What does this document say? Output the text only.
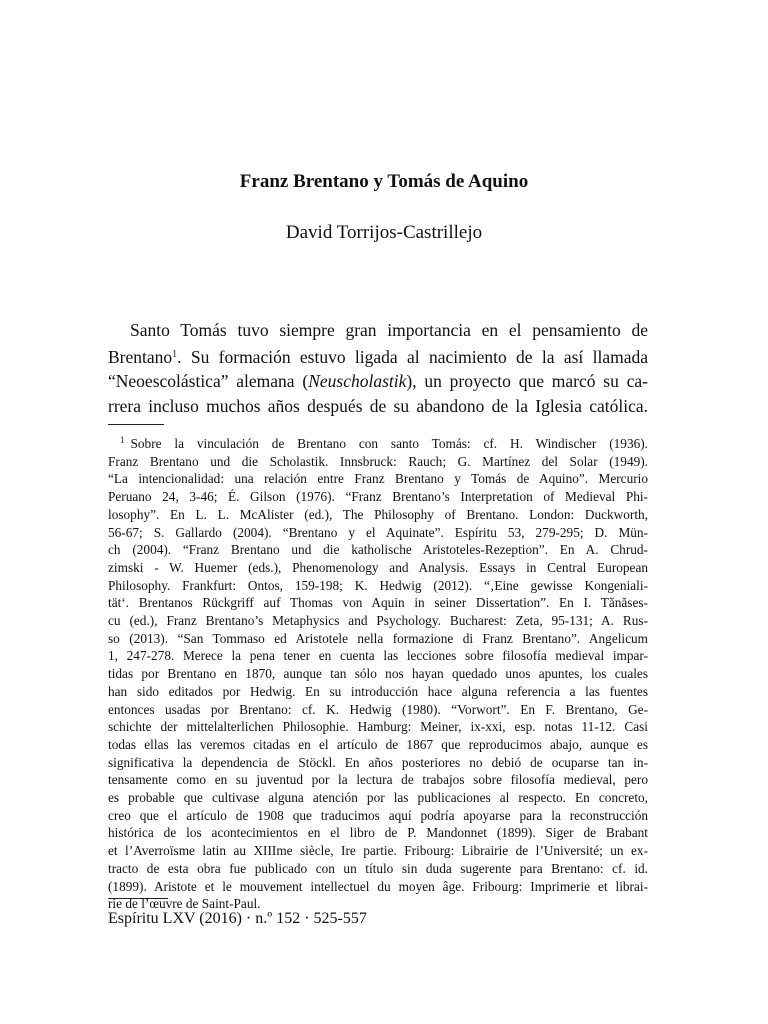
Franz Brentano y Tomás de Aquino
David Torrijos-Castrillejo
Santo Tomás tuvo siempre gran importancia en el pensamiento de
Brentano$^1$. Su formación estuvo ligada al nacimiento de la así llamada
“Neoescolástica” alemana (Neuscholastik), un proyecto que marcó su ca-
rrera incluso muchos años después de su abandono de la Iglesia católica.
$^1$ Sobre la vinculación de Brentano con santo Tomás: cf. H. Windischer (1936).
Franz Brentano und die Scholastik. Innsbruck: Rauch; G. Martínez del Solar (1949).
“La intencionalidad: una relación entre Franz Brentano y Tomás de Aquino”. Mercurio
Peruano 24, 3-46; É. Gilson (1976). “Franz Brentano’s Interpretation of Medieval Phi-
losophy”. En L. L. McAlister (ed.), The Philosophy of Brentano. London: Duckworth,
56-67; S. Gallardo (2004). “Brentano y el Aquinate”. Espíritu 53, 279-295; D. Mün-
ch (2004). “Franz Brentano und die katholische Aristoteles-Rezeption”. En A. Chrud-
zimski - W. Huemer (eds.), Phenomenology and Analysis. Essays in Central European
Philosophy. Frankfurt: Ontos, 159-198; K. Hedwig (2012). “‚Eine gewisse Kongeniali-
tät‘. Brentanos Rückgriff auf Thomas von Aquin in seiner Dissertation”. En I. Tănăses-
cu (ed.), Franz Brentano’s Metaphysics and Psychology. Bucharest: Zeta, 95-131; A. Rus-
so (2013). “San Tommaso ed Aristotele nella formazione di Franz Brentano”. Angelicum
1, 247-278. Merece la pena tener en cuenta las lecciones sobre filosofía medieval impar-
tidas por Brentano en 1870, aunque tan sólo nos hayan quedado unos apuntes, los cuales
han sido editados por Hedwig. En su introducción hace alguna referencia a las fuentes
entonces usadas por Brentano: cf. K. Hedwig (1980). “Vorwort”. En F. Brentano, Ge-
schichte der mittelalterlichen Philosophie. Hamburg: Meiner, ix-xxi, esp. notas 11-12. Casi
todas ellas las veremos citadas en el artículo de 1867 que reproducimos abajo, aunque es
significativa la dependencia de Stöckl. En años posteriores no debió de ocuparse tan in-
tensamente como en su juventud por la lectura de trabajos sobre filosofía medieval, pero
es probable que cultivase alguna atención por las publicaciones al respecto. En concreto,
creo que el artículo de 1908 que traducimos aquí podría apoyarse para la reconstrucción
histórica de los acontecimientos en el libro de P. Mandonnet (1899). Siger de Brabant
et l’Averroïsme latin au XIIIme siècle, Ire partie. Fribourg: Librairie de l’Université; un ex-
tracto de esta obra fue publicado con un título sin duda sugerente para Brentano: cf. id.
(1899). Aristote et le mouvement intellectuel du moyen âge. Fribourg: Imprimerie et librai-
rie de l’œuvre de Saint-Paul.

Espíritu LXV (2016) · n.º 152 · 525-557
